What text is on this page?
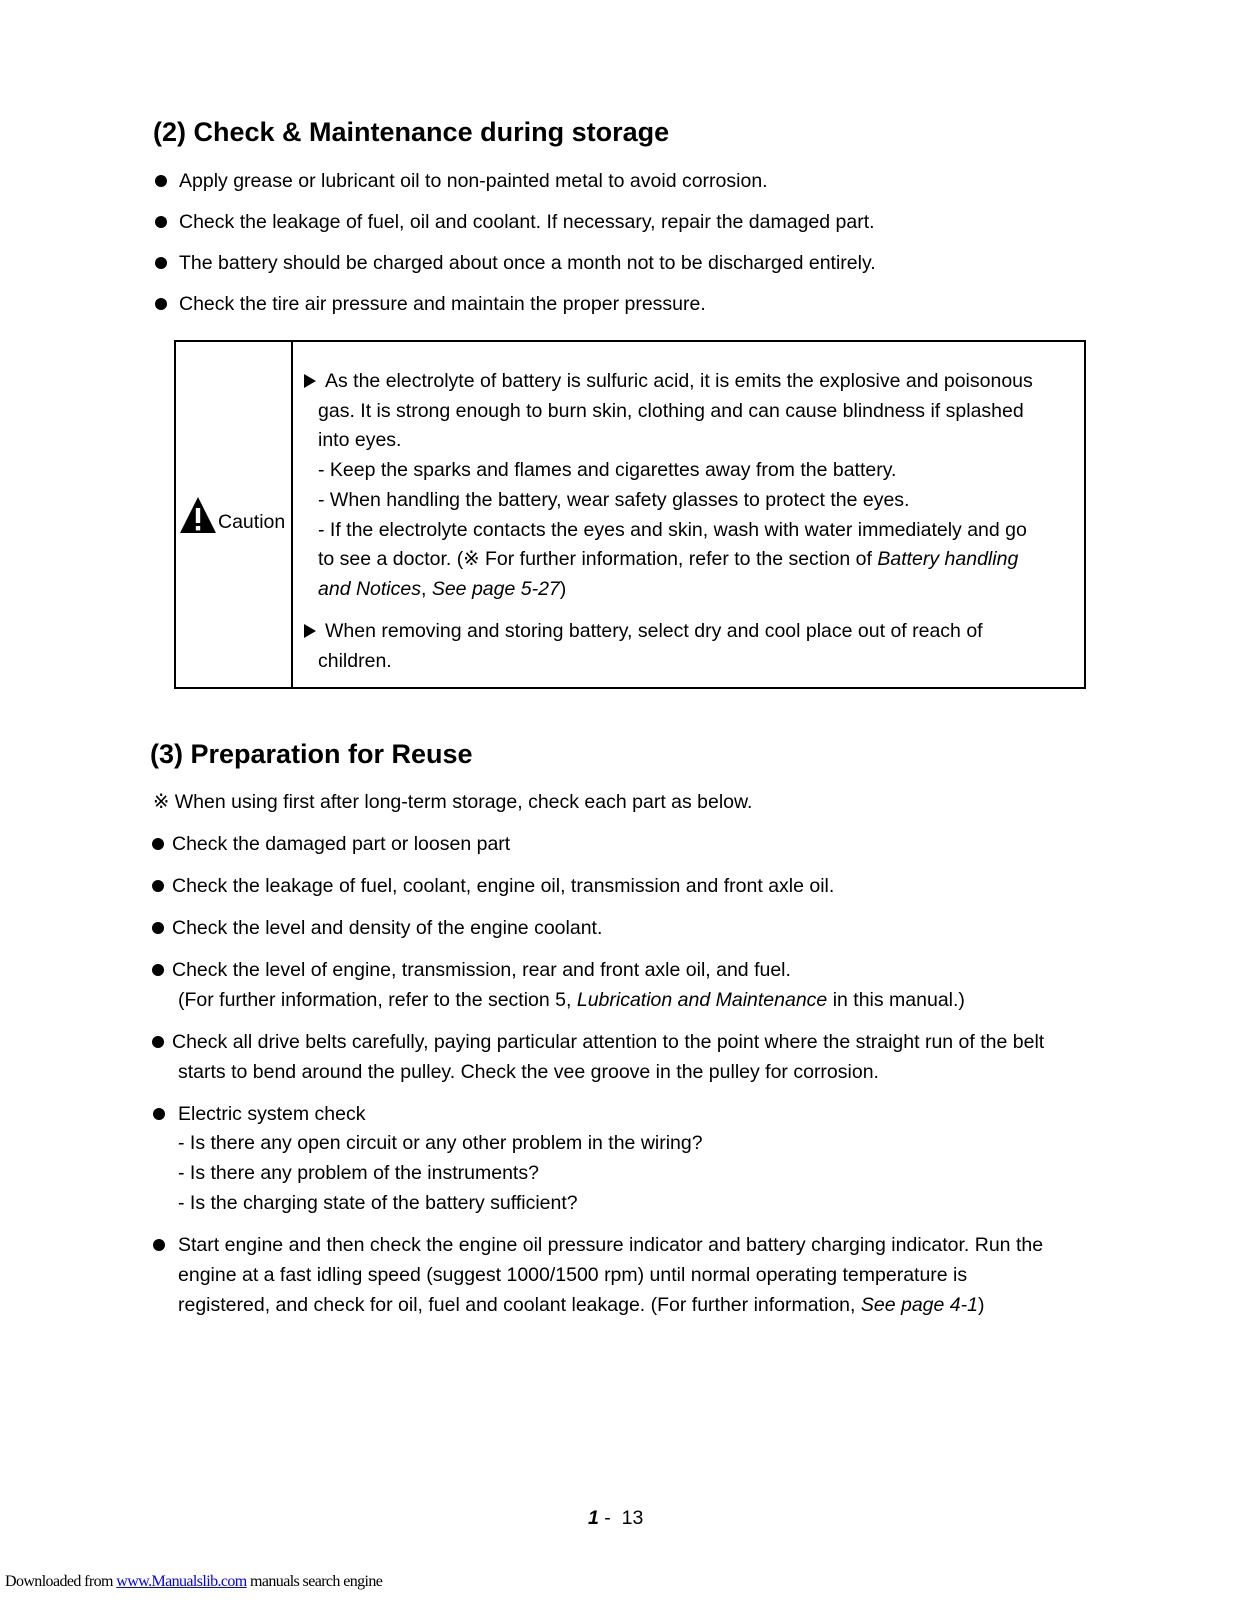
(2) Check & Maintenance during storage
Apply grease or lubricant oil to non-painted metal to avoid corrosion.
Check the leakage of fuel, oil and coolant. If necessary, repair the damaged part.
The battery should be charged about once a month not to be discharged entirely.
Check the tire air pressure and maintain the proper pressure.
Caution
As the electrolyte of battery is sulfuric acid, it is emits the explosive and poisonous
gas. It is strong enough to burn skin, clothing and can cause blindness if splashed
into eyes.
- Keep the sparks and flames and cigarettes away from the battery.
- When handling the battery, wear safety glasses to protect the eyes.
- If the electrolyte contacts the eyes and skin, wash with water immediately and go
to see a doctor. (※ For further information, refer to the section of Battery handling
and Notices, See page 5-27)
When removing and storing battery, select dry and cool place out of reach of
children.
(3) Preparation for Reuse
※ When using first after long-term storage, check each part as below.
Check the damaged part or loosen part
Check the leakage of fuel, coolant, engine oil, transmission and front axle oil.
Check the level and density of the engine coolant.
Check the level of engine, transmission, rear and front axle oil, and fuel.
(For further information, refer to the section 5, Lubrication and Maintenance in this manual.)
Check all drive belts carefully, paying particular attention to the point where the straight run of the belt
starts to bend around the pulley. Check the vee groove in the pulley for corrosion.
Electric system check
- Is there any open circuit or any other problem in the wiring?
- Is there any problem of the instruments?
- Is the charging state of the battery sufficient?
Start engine and then check the engine oil pressure indicator and battery charging indicator. Run the
engine at a fast idling speed (suggest 1000/1500 rpm) until normal operating temperature is
registered, and check for oil, fuel and coolant leakage. (For further information, See page 4-1)
1 - 13
Downloaded from www.Manualslib.com manuals search engine
